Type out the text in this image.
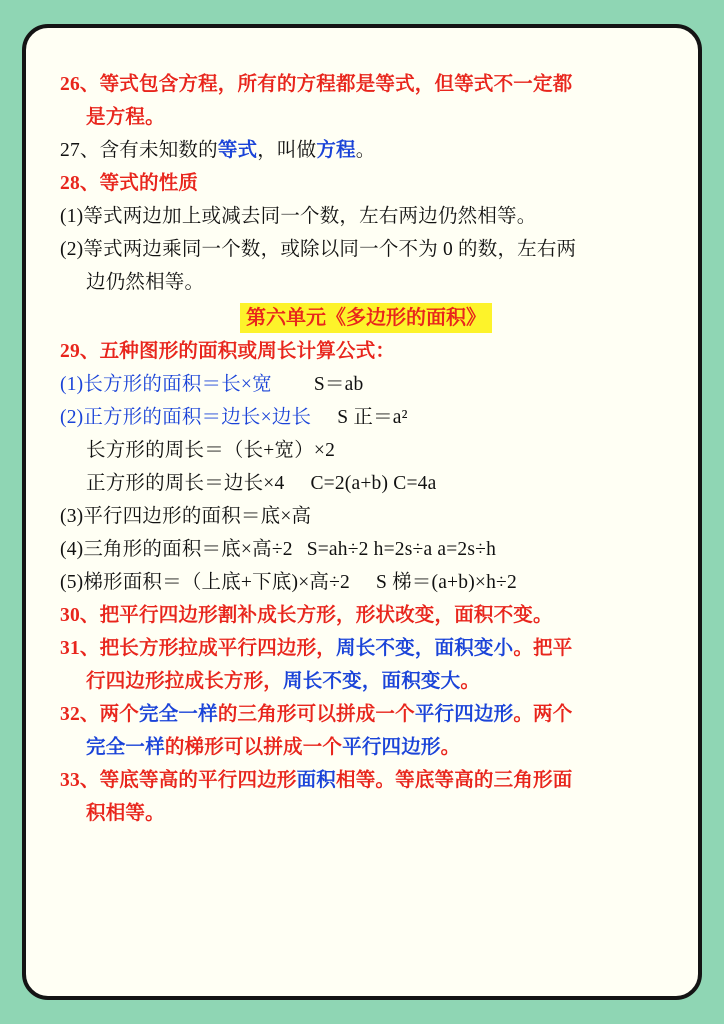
26、等式包含方程，所有的方程都是等式，但等式不一定都
是方程。
27、含有未知数的等式，叫做方程。
28、等式的性质
(1)等式两边加上或减去同一个数，左右两边仍然相等。
(2)等式两边乘同一个数，或除以同一个不为 0 的数，左右两
边仍然相等。
第六单元《多边形的面积》
29、五种图形的面积或周长计算公式：
(1)长方形的面积＝长×宽 S＝ab
(2)正方形的面积＝边长×边长 S 正＝a²
长方形的周长＝（长+宽）×2
正方形的周长＝边长×4 C=2(a+b) C=4a
(3)平行四边形的面积＝底×高
(4)三角形的面积＝底×高÷2 S=ah÷2 h=2s÷a a=2s÷h
(5)梯形面积＝（上底+下底)×高÷2 S 梯＝(a+b)×h÷2
30、把平行四边形割补成长方形，形状改变，面积不变。
31、把长方形拉成平行四边形，周长不变，面积变小。把平
行四边形拉成长方形，周长不变，面积变大。
32、两个完全一样的三角形可以拼成一个平行四边形。两个
完全一样的梯形可以拼成一个平行四边形。
33、等底等高的平行四边形面积相等。等底等高的三角形面
积相等。
